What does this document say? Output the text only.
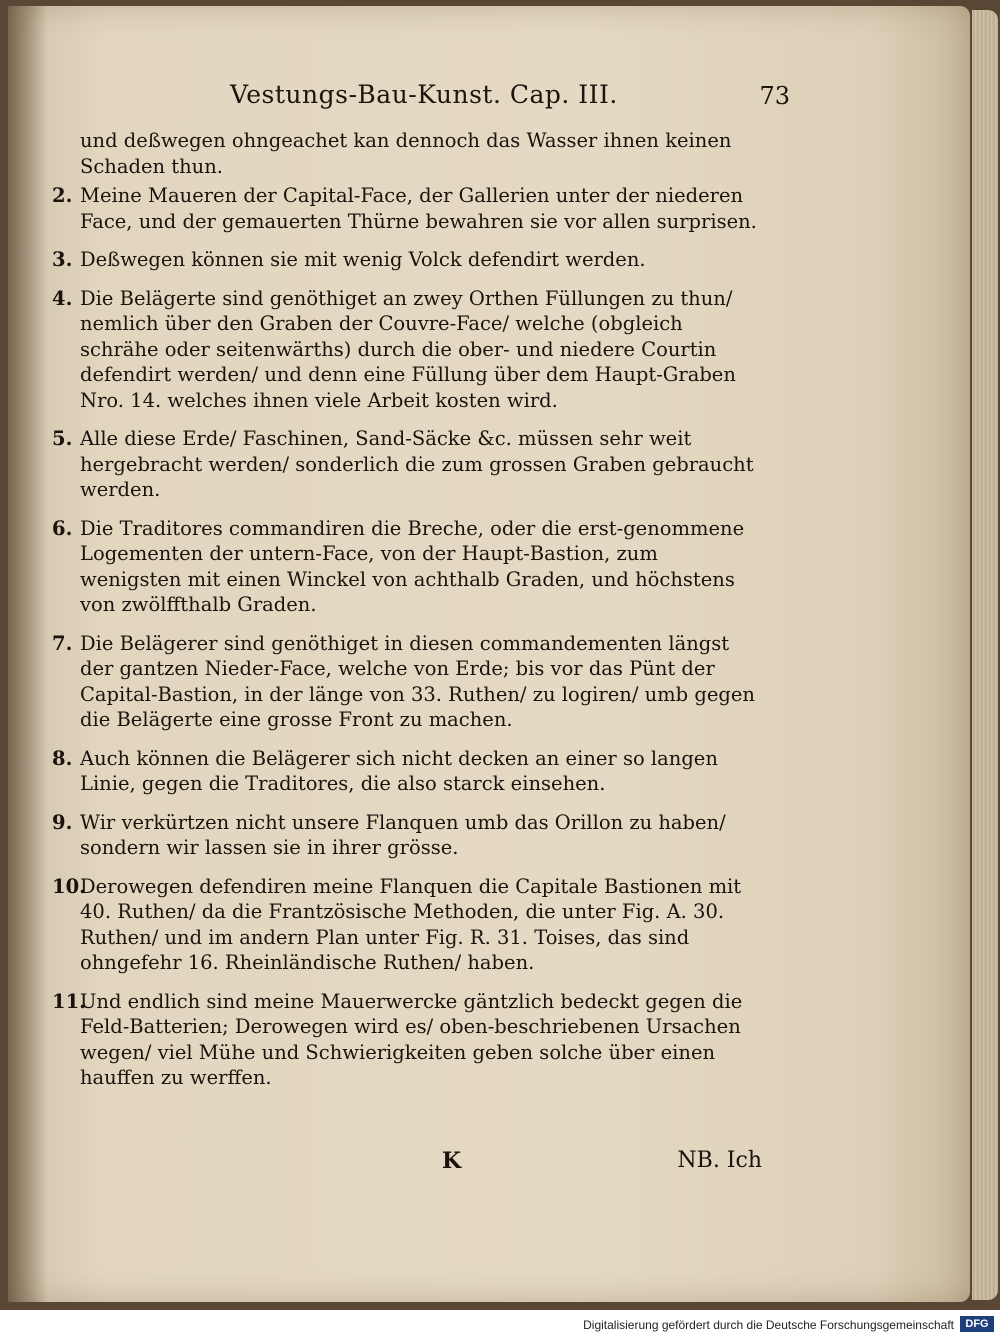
Vestungs-Bau-Kunst. Cap. III.	73

und deßwegen ohngeachet kan dennoch das Wasser ihnen keinen Schaden thun.

2. Meine Maueren der Capital-Face, der Gallerien unter der niederen Face, und der gemauerten Thürne bewahren sie vor allen surprisen.
3. Deßwegen können sie mit wenig Volck defendirt werden.
4. Die Belägerte sind genöthiget an zwey Orthen Füllungen zu thun/ nemlich über den Graben der Couvre-Face/ welche (obgleich schrähe oder seitenwärths) durch die ober- und niedere Courtin defendirt werden/ und denn eine Füllung über dem Haupt-Graben Nro. 14. welches ihnen viele Arbeit kosten wird.
5. Alle diese Erde/ Faschinen, Sand-Säcke &c. müssen sehr weit hergebracht werden/ sonderlich die zum grossen Graben gebraucht werden.
6. Die Traditores commandiren die Breche, oder die erst-genommene Logementen der untern-Face, von der Haupt-Bastion, zum wenigsten mit einen Winckel von achthalb Graden, und höchstens von zwölffthalb Graden.
7. Die Belägerer sind genöthiget in diesen commandementen längst der gantzen Nieder-Face, welche von Erde; bis vor das Pünt der Capital-Bastion, in der länge von 33. Ruthen/ zu logiren/ umb gegen die Belägerte eine grosse Front zu machen.
8. Auch können die Belägerer sich nicht decken an einer so langen Linie, gegen die Traditores, die also starck einsehen.
9. Wir verkürtzen nicht unsere Flanquen umb das Orillon zu haben/ sondern wir lassen sie in ihrer grösse.
10.
Derowegen defendiren meine Flanquen die Capitale Bastionen mit 40. Ruthen/ da die Frantzösische Methoden, die unter Fig. A. 30. Ruthen/ und im andern Plan unter Fig. R. 31. Toises, das sind ohngefehr 16. Rheinländische Ruthen/ haben.
11.
Und endlich sind meine Mauerwercke gäntzlich bedeckt gegen die Feld-Batterien; Derowegen wird es/ oben-beschriebenen Ursachen wegen/ viel Mühe und Schwierigkeiten geben solche über einen hauffen zu werffen.
K	NB. Ich
Digitalisierung gefördert durch die Deutsche Forschungsgemeinschaft	DFG
